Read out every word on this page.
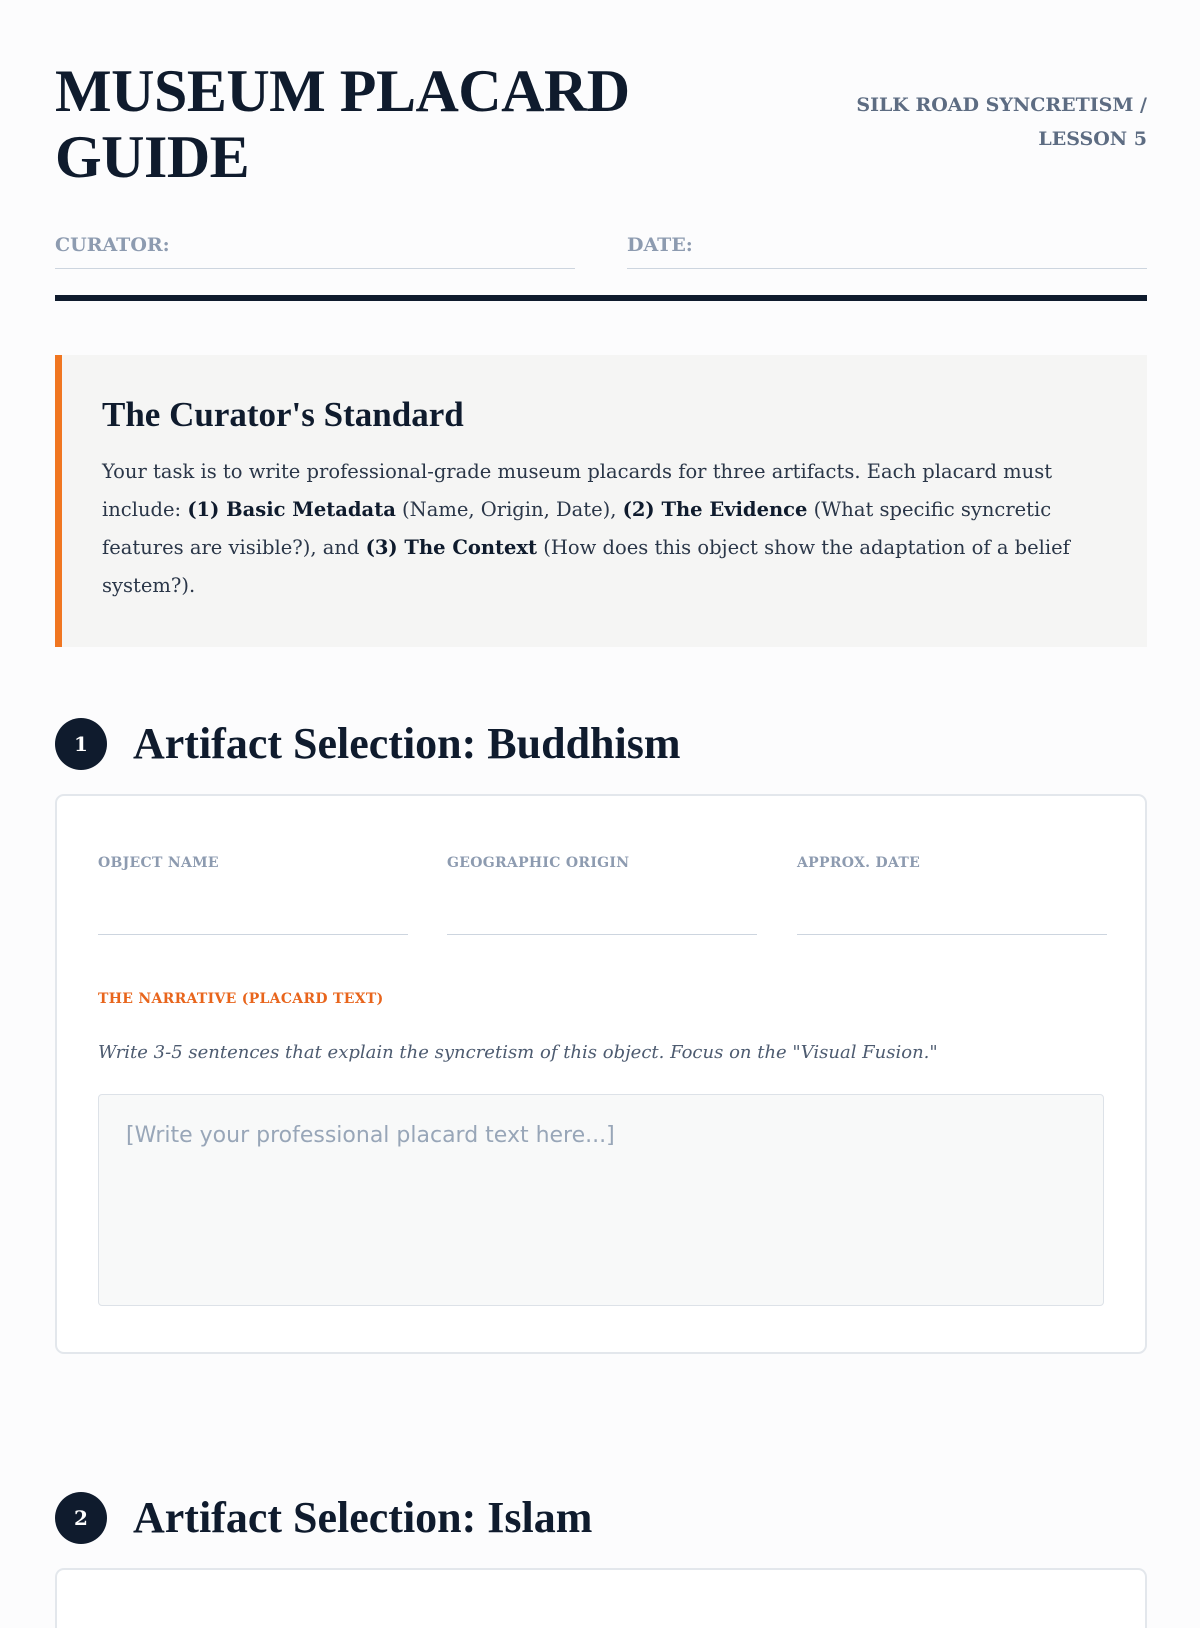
MUSEUM PLACARD GUIDE
SILK ROAD SYNCRETISM /
LESSON 5
CURATOR:	DATE:
The Curator's Standard

Your task is to write professional-grade museum placards for three artifacts. Each placard must include: (1) Basic Metadata (Name, Origin, Date), (2) The Evidence (What specific syncretic features are visible?), and (3) The Context (How does this object show the adaptation of a belief system?).

1	Artifact Selection: Buddhism
OBJECT NAME	GEOGRAPHIC ORIGIN	APPROX. DATE
THE NARRATIVE (PLACARD TEXT)
Write 3-5 sentences that explain the syncretism of this object. Focus on the "Visual Fusion."
[Write your professional placard text here...]
2	Artifact Selection: Islam
